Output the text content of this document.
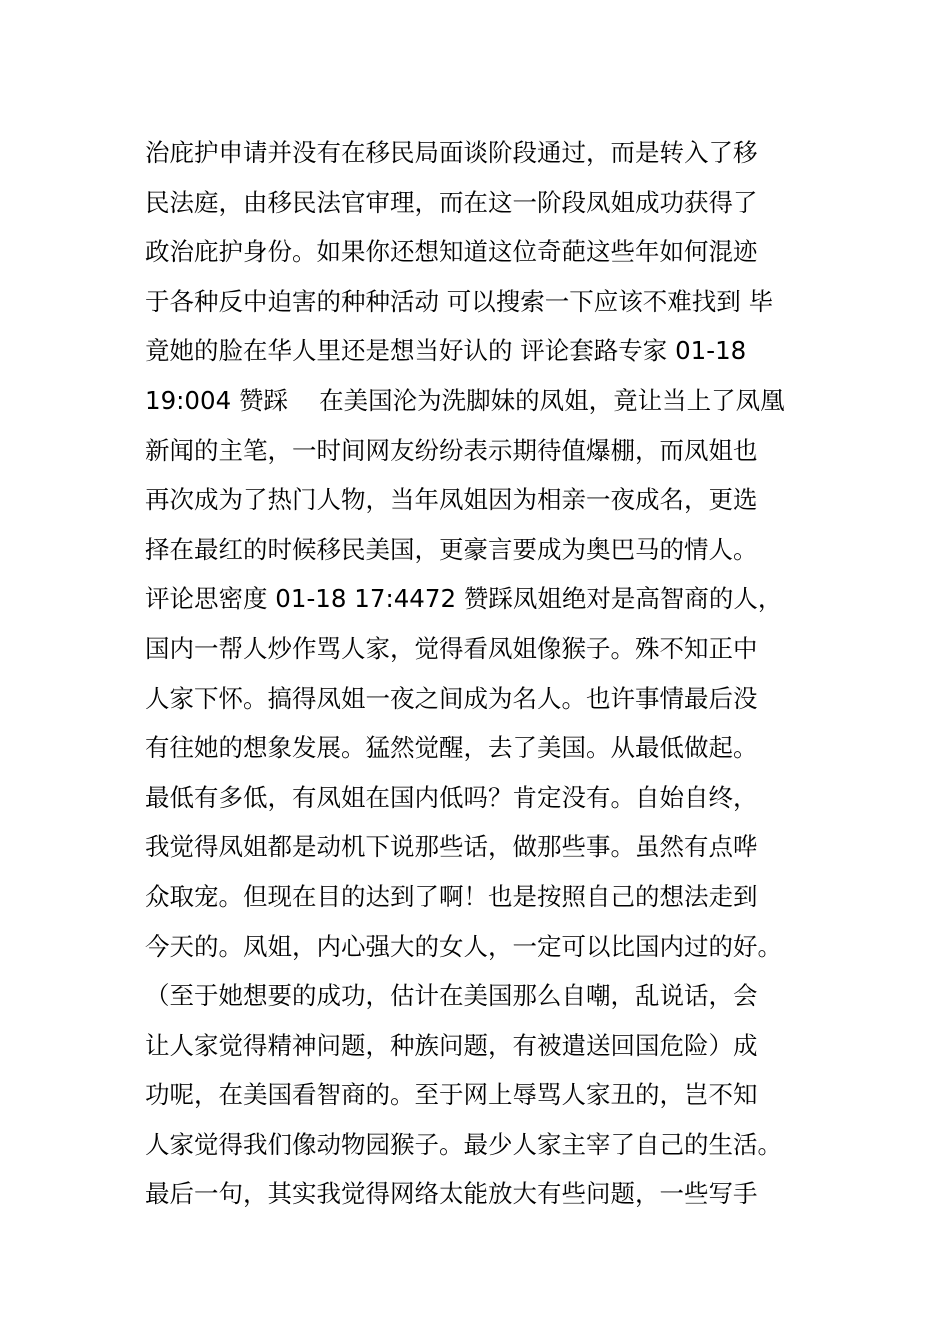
治庇护申请并没有在移民局面谈阶段通过，而是转入了移
民法庭，由移民法官审理，而在这一阶段凤姐成功获得了
政治庇护身份。如果你还想知道这位奇葩这些年如何混迹
于各种反中迫害的种种活动 可以搜索一下应该不难找到 毕
竟她的脸在华人里还是想当好认的 评论套路专家 01-18
19:004 赞踩    在美国沦为洗脚妹的凤姐，竟让当上了凤凰
新闻的主笔，一时间网友纷纷表示期待值爆棚，而凤姐也
再次成为了热门人物，当年凤姐因为相亲一夜成名，更选
择在最红的时候移民美国，更豪言要成为奥巴马的情人。
评论思密度 01-18 17:4472 赞踩凤姐绝对是高智商的人，
国内一帮人炒作骂人家，觉得看凤姐像猴子。殊不知正中
人家下怀。搞得凤姐一夜之间成为名人。也许事情最后没
有往她的想象发展。猛然觉醒，去了美国。从最低做起。
最低有多低，有凤姐在国内低吗？肯定没有。自始自终，
我觉得凤姐都是动机下说那些话，做那些事。虽然有点哗
众取宠。但现在目的达到了啊！也是按照自己的想法走到
今天的。凤姐，内心强大的女人，一定可以比国内过的好。
（至于她想要的成功，估计在美国那么自嘲，乱说话，会
让人家觉得精神问题，种族问题，有被遣送回国危险）成
功呢，在美国看智商的。至于网上辱骂人家丑的，岂不知
人家觉得我们像动物园猴子。最少人家主宰了自己的生活。
最后一句，其实我觉得网络太能放大有些问题，一些写手
